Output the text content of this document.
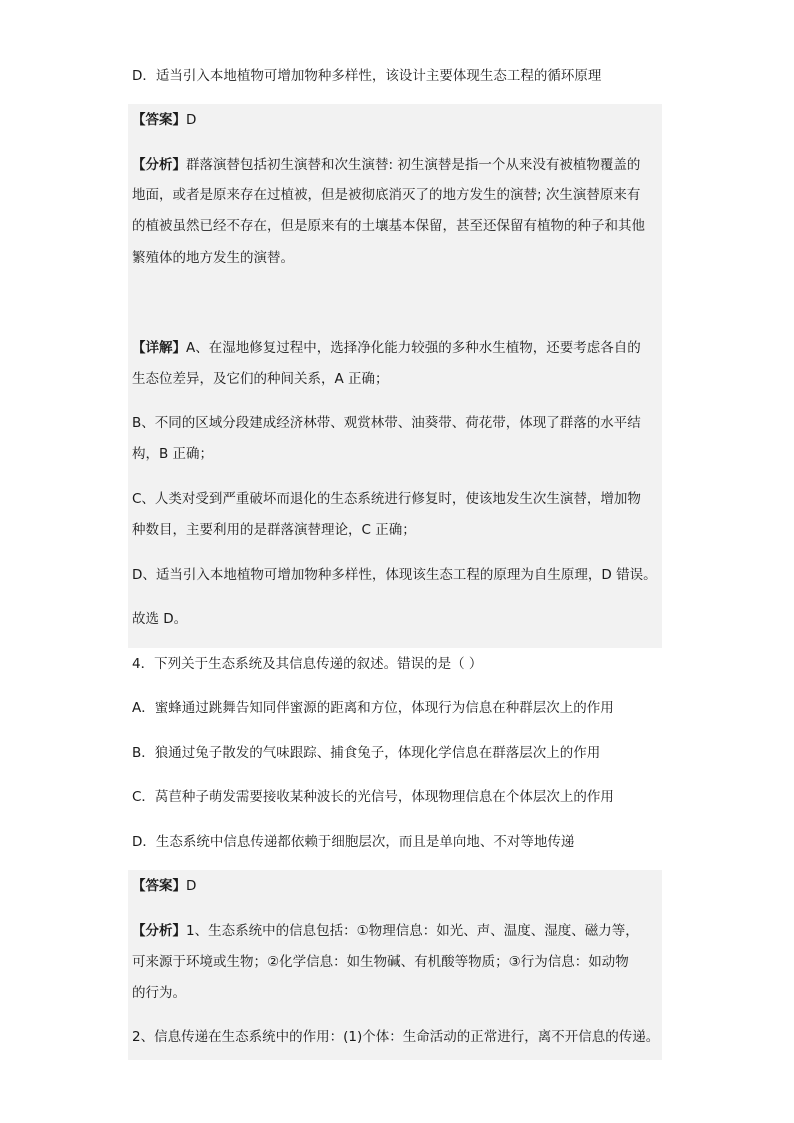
D．适当引入本地植物可增加物种多样性，该设计主要体现生态工程的循环原理
【答案】D
【分析】群落演替包括初生演替和次生演替: 初生演替是指一个从来没有被植物覆盖的
地面，或者是原来存在过植被，但是被彻底消灭了的地方发生的演替; 次生演替原来有
的植被虽然已经不存在，但是原来有的土壤基本保留，甚至还保留有植物的种子和其他
繁殖体的地方发生的演替。
【详解】A、在湿地修复过程中，选择净化能力较强的多种水生植物，还要考虑各自的
生态位差异，及它们的种间关系，A 正确；
B、不同的区域分段建成经济林带、观赏林带、油葵带、荷花带，体现了群落的水平结
构，B 正确；
C、人类对受到严重破坏而退化的生态系统进行修复时，使该地发生次生演替，增加物
种数目，主要利用的是群落演替理论，C 正确；
D、适当引入本地植物可增加物种多样性，体现该生态工程的原理为自生原理，D 错误。
故选 D。
4．下列关于生态系统及其信息传递的叙述。错误的是（ ）
A．蜜蜂通过跳舞告知同伴蜜源的距离和方位，体现行为信息在种群层次上的作用
B．狼通过兔子散发的气味跟踪、捕食兔子，体现化学信息在群落层次上的作用
C．莴苣种子萌发需要接收某种波长的光信号，体现物理信息在个体层次上的作用
D．生态系统中信息传递都依赖于细胞层次，而且是单向地、不对等地传递
【答案】D
【分析】1、生态系统中的信息包括：①物理信息：如光、声、温度、湿度、磁力等，
可来源于环境或生物；②化学信息：如生物碱、有机酸等物质；③行为信息：如动物
的行为。
2、信息传递在生态系统中的作用：(1)个体：生命活动的正常进行，离不开信息的传递。
